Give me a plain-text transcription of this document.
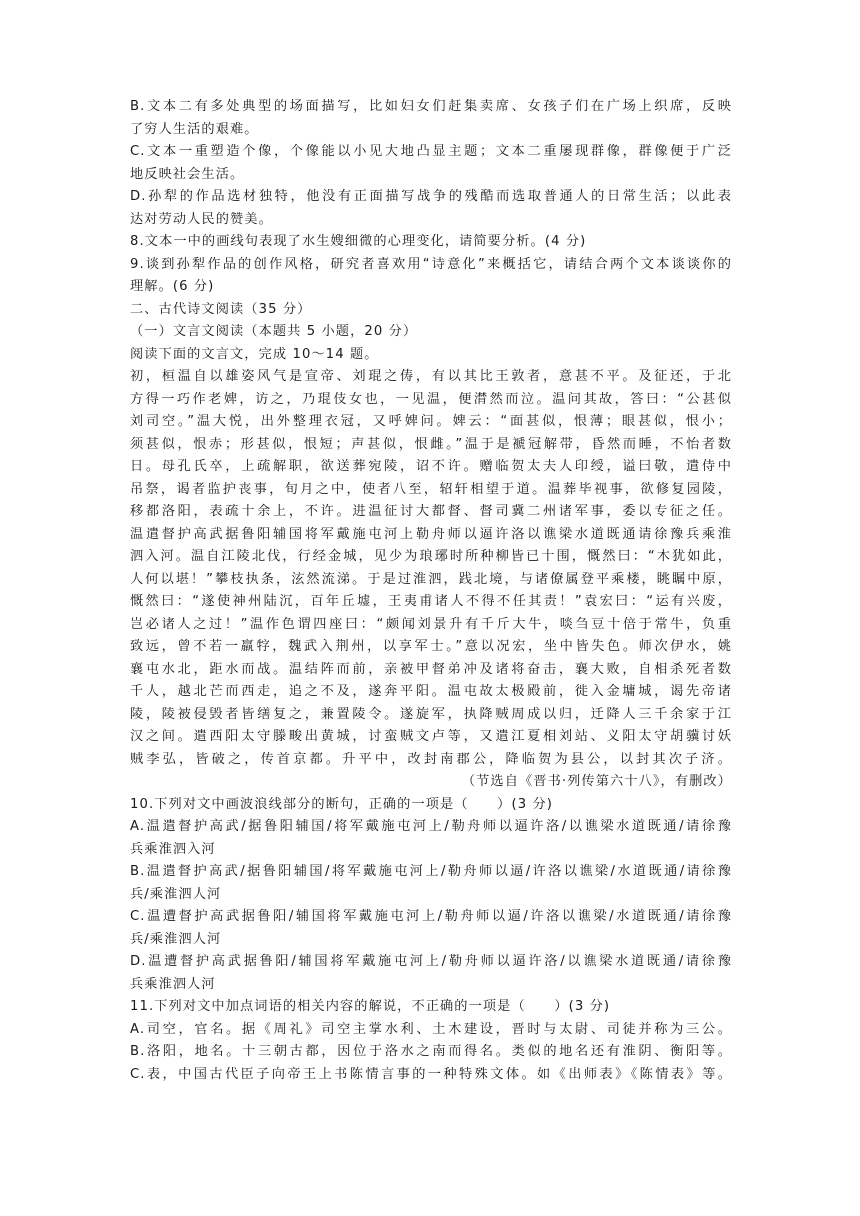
B.文本二有多处典型的场面描写，比如妇女们赶集卖席、女孩子们在广场上织席，反映
了穷人生活的艰难。
C.文本一重塑造个像，个像能以小见大地凸显主题；文本二重屡现群像，群像便于广泛
地反映社会生活。
D.孙犁的作品选材独特，他没有正面描写战争的残酷而选取普通人的日常生活；以此表
达对劳动人民的赞美。
8.文本一中的画线句表现了水生嫂细微的心理变化，请简要分析。(4 分)
9.谈到孙犁作品的创作风格，研究者喜欢用“诗意化”来概括它，请结合两个文本谈谈你的
理解。(6 分)
二、古代诗文阅读（35 分）
（一）文言文阅读（本题共 5 小题，20 分）
阅读下面的文言文，完成 10～14 题。
初，桓温自以雄姿风气是宣帝、刘琨之俦，有以其比王敦者，意甚不平。及征还，于北
方得一巧作老婢，访之，乃琨伎女也，一见温，便潸然而泣。温问其故，答曰：“公甚似
刘司空。”温大悦，出外整理衣冠，又呼婢问。婢云：“面甚似，恨薄；眼甚似，恨小；
须甚似，恨赤；形甚似，恨短；声甚似，恨雌。”温于是褫冠解带，昏然而睡，不怡者数
日。母孔氏卒，上疏解职，欲送葬宛陵，诏不许。赠临贺太夫人印绶，谥曰敬，遣侍中
吊祭，谒者监护丧事，旬月之中，使者八至，轺轩相望于道。温葬毕视事，欲修复园陵，
移都洛阳，表疏十余上，不许。进温征讨大都督、督司冀二州诸军事，委以专征之任。
温遣督护高武据鲁阳辅国将军戴施屯河上勒舟师以逼许洛以谯梁水道既通请徐豫兵乘淮
泗入河。温自江陵北伐，行经金城，见少为琅琊时所种柳皆已十围，慨然曰：“木犹如此，
人何以堪！”攀枝执条，泫然流涕。于是过淮泗，践北境，与诸僚属登平乘楼，眺瞩中原，
慨然曰：“遂使神州陆沉，百年丘墟，王夷甫诸人不得不任其责！”袁宏曰：“运有兴废，
岂必诸人之过！”温作色谓四座曰：“颇闻刘景升有千斤大牛，啖刍豆十倍于常牛，负重
致远，曾不若一羸牸，魏武入荆州，以享军士。”意以况宏，坐中皆失色。师次伊水，姚
襄屯水北，距水而战。温结阵而前，亲被甲督弟冲及诸将奋击，襄大败，自相杀死者数
千人，越北芒而西走，追之不及，遂奔平阳。温屯故太极殿前，徙入金墉城，谒先帝诸
陵，陵被侵毁者皆缮复之，兼置陵令。遂旋军，执降贼周成以归，迁降人三千余家于江
汉之间。遣西阳太守滕畯出黄城，讨蛮贼文卢等，又遣江夏相刘站、义阳太守胡骥讨妖
贼李弘，皆破之，传首京都。升平中，改封南郡公，降临贺为县公，以封其次子济。
（节选自《晋书·列传第六十八》，有删改）
10.下列对文中画波浪线部分的断句，正确的一项是（　　）(3 分)
A.温遣督护高武/据鲁阳辅国/将军戴施屯河上/勒舟师以逼许洛/以谯梁水道既通/请徐豫
兵乘淮泗入河
B.温遣督护高武/据鲁阳辅国/将军戴施屯河上/勒舟师以逼/许洛以谯梁/水道既通/请徐豫
兵/乘淮泗人河
C.温遭督护高武据鲁阳/辅国将军戴施屯河上/勒舟师以逼/许洛以谯梁/水道既通/请徐豫
兵/乘淮泗人河
D.温遭督护高武据鲁阳/辅国将军戴施屯河上/勒舟师以逼许洛/以谯梁水道既通/请徐豫
兵乘淮泗人河
11.下列对文中加点词语的相关内容的解说，不正确的一项是（　　）(3 分)
A.司空，官名。据《周礼》司空主掌水利、土木建设，晋时与太尉、司徒并称为三公。
B.洛阳，地名。十三朝古都，因位于洛水之南而得名。类似的地名还有淮阴、衡阳等。
C.表，中国古代臣子向帝王上书陈情言事的一种特殊文体。如《出师表》《陈情表》等。
